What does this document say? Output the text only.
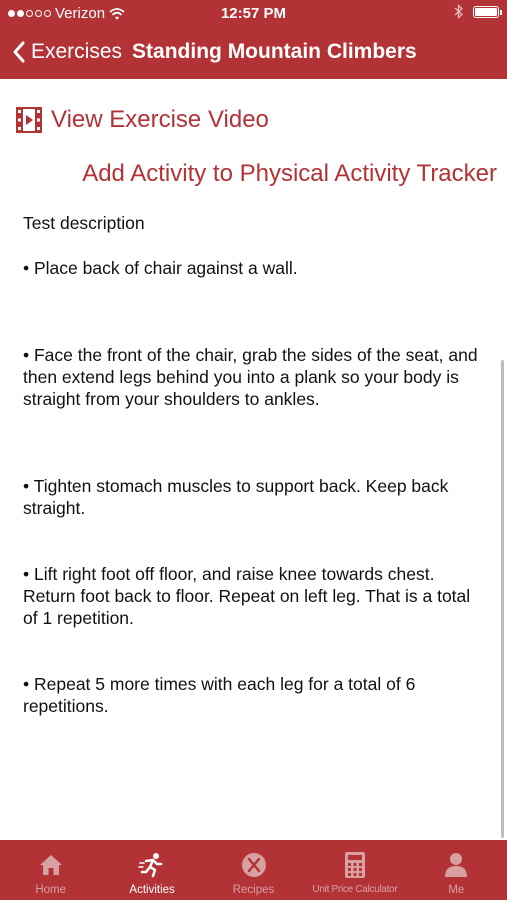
Verizon	12:57 PM
Exercises Standing Mountain Climbers
View Exercise Video
Add Activity to Physical Activity Tracker

Test description

• Place back of chair against a wall.

• Face the front of the chair, grab the sides of the seat, and then extend legs behind you into a plank so your body is straight from your shoulders to ankles.

• Tighten stomach muscles to support back. Keep back straight.

• Lift right foot off floor, and raise knee towards chest. Return foot back to floor. Repeat on left leg. That is a total of 1 repetition.

• Repeat 5 more times with each leg for a total of 6 repetitions.

Home	Activities	Recipes	Unit Price Calculator	Me
